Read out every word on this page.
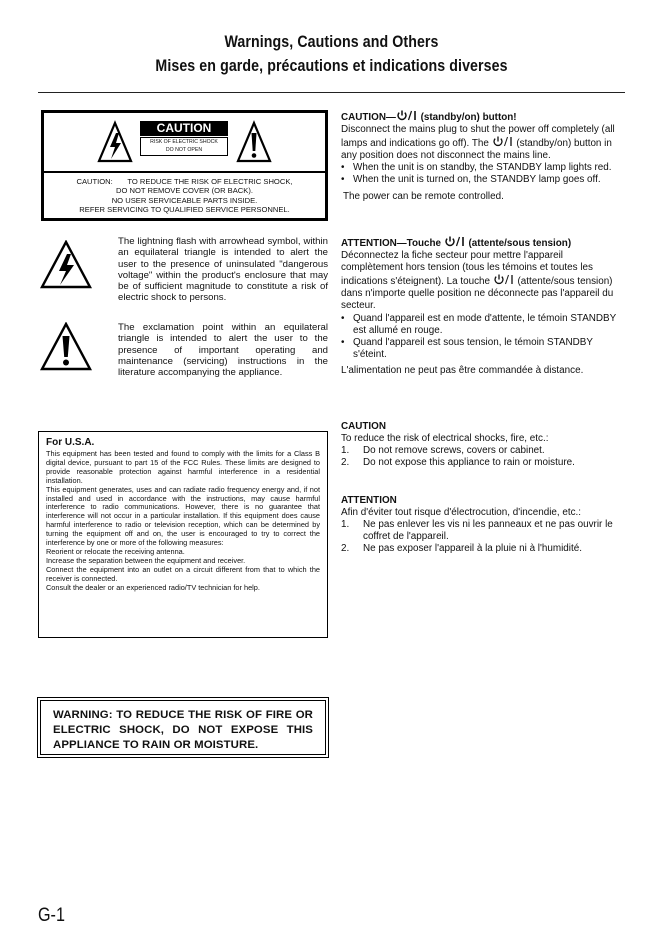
Warnings, Cautions and Others
Mises en garde, précautions et indications diverses
CAUTION
RISK OF ELECTRIC SHOCK
DO NOT OPEN
CAUTION:       TO REDUCE THE RISK OF ELECTRIC SHOCK,
DO NOT REMOVE COVER (OR BACK).
NO USER SERVICEABLE PARTS INSIDE.
REFER SERVICING TO QUALIFIED SERVICE PERSONNEL.
The lightning flash with arrowhead symbol, within an equilateral triangle is intended to alert the user to the presence of uninsulated "dangerous voltage" within the product's enclosure that may be of sufficient magnitude to constitute a risk of electric shock to persons.
The exclamation point within an equilateral triangle is intended to alert the user to the presence of important operating and maintenance (servicing) instructions in the literature accompanying the appliance.
For U.S.A.
This equipment has been tested and found to comply with the limits for a Class B digital device, pursuant to part 15 of the FCC Rules. These limits are designed to provide reasonable protection against harmful interference in a residential installation.
This equipment generates, uses and can radiate radio frequency energy and, if not installed and used in accordance with the instructions, may cause harmful interference to radio communications. However, there is no guarantee that interference will not occur in a particular installation. If this equipment does cause harmful interference to radio or television reception, which can be determined by turning the equipment off and on, the user is encouraged to try to correct the interference by one or more of the following measures:
Reorient or relocate the receiving antenna.
Increase the separation between the equipment and receiver.
Connect the equipment into an outlet on a circuit different from that to which the receiver is connected.
Consult the dealer or an experienced radio/TV technician for help.
WARNING: TO REDUCE THE RISK OF FIRE OR ELECTRIC SHOCK, DO NOT EXPOSE THIS APPLIANCE TO RAIN OR MOISTURE.

CAUTION— (standby/on) button!

Disconnect the mains plug to shut the power off completely (all lamps and indications go off). The  (standby/on) button in any position does not disconnect the mains line.

• When the unit is on standby, the STANDBY lamp lights red.

• When the unit is turned on, the STANDBY lamp goes off.

The power can be remote controlled.

ATTENTION—Touche  (attente/sous tension)

Déconnectez la fiche secteur pour mettre l'appareil complètement hors tension (tous les témoins et toutes les indications s'éteignent). La touche  (attente/sous tension) dans n'importe quelle position ne déconnecte pas l'appareil du secteur.

• Quand l'appareil est en mode d'attente, le témoin STANDBY est allumé en rouge.

• Quand l'appareil est sous tension, le témoin STANDBY s'éteint.

L'alimentation ne peut pas être commandée à distance.

CAUTION

To reduce the risk of electrical shocks, fire, etc.:

1. Do not remove screws, covers or cabinet.

2. Do not expose this appliance to rain or moisture.

ATTENTION

Afin d'éviter tout risque d'électrocution, d'incendie, etc.:

1. Ne pas enlever les vis ni les panneaux et ne pas ouvrir le coffret de l'appareil.

2. Ne pas exposer l'appareil à la pluie ni à l'humidité.

G-1
